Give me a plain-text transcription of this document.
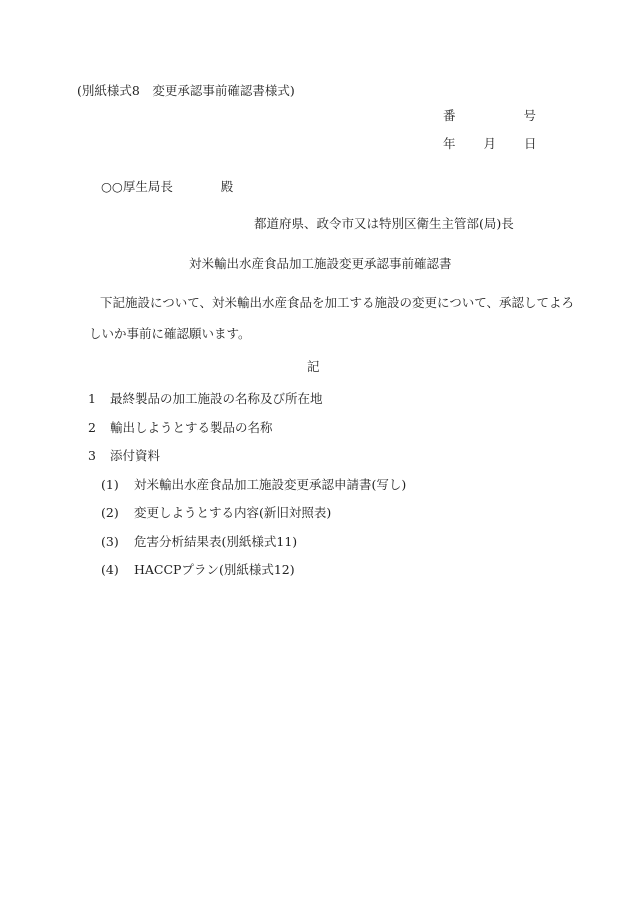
(別紙様式8　変更承認事前確認書様式)
番	号
年 月 日
○○厚生局長	殿
都道府県、政令市又は特別区衛生主管部(局)長
対米輸出水産食品加工施設変更承認事前確認書
下記施設について、対米輸出水産食品を加工する施設の変更について、承認してよろ
しいか事前に確認願います。
記
1 最終製品の加工施設の名称及び所在地
2 輸出しようとする製品の名称
3 添付資料
(1) 対米輸出水産食品加工施設変更承認申請書(写し)
(2) 変更しようとする内容(新旧対照表)
(3) 危害分析結果表(別紙様式11)
(4) HACCPプラン(別紙様式12)
